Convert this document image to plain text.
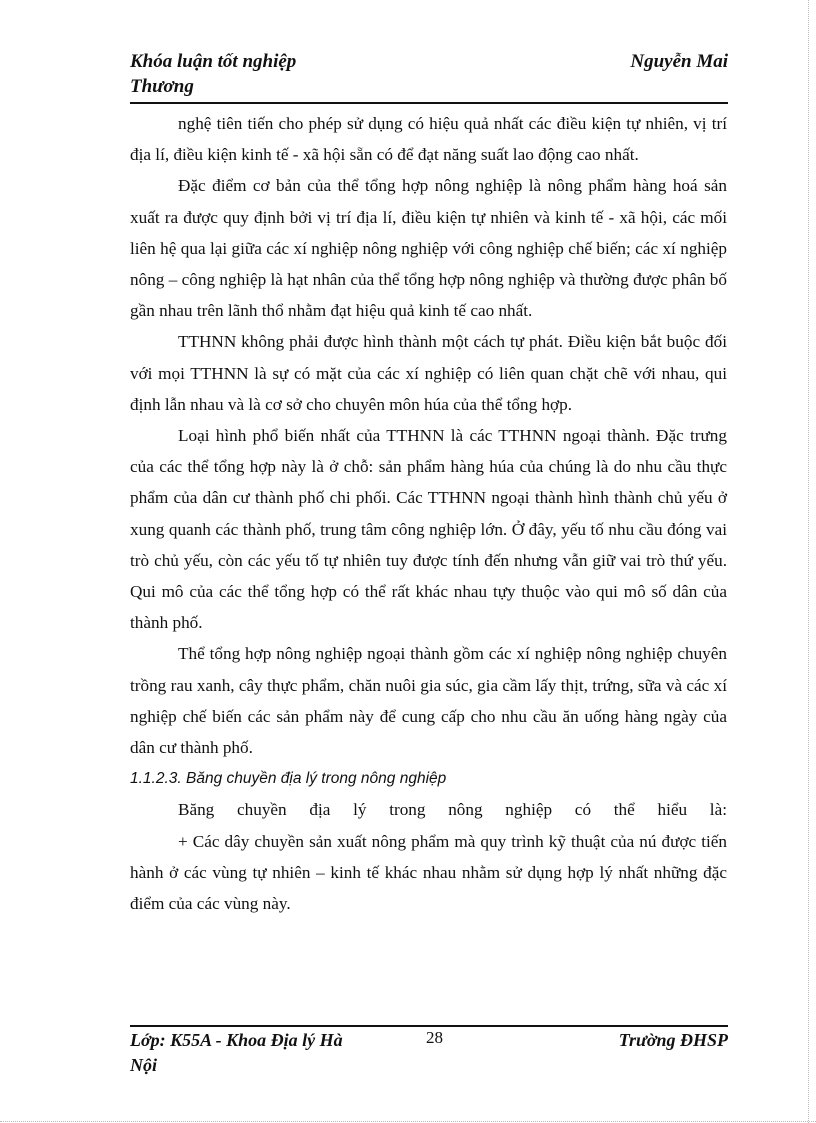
Khóa luận tốt nghiệp Thương
Nguyễn Mai

nghệ tiên tiến cho phép sử dụng có hiệu quả nhất các điều kiện tự nhiên, vị trí địa lí, điều kiện kinh tế - xã hội sẵn có để đạt năng suất lao động cao nhất.

Đặc điểm cơ bản của thể tổng hợp nông nghiệp là nông phẩm hàng hoá sản xuất ra được quy định bởi vị trí địa lí, điều kiện tự nhiên và kinh tế - xã hội, các mối liên hệ qua lại giữa các xí nghiệp nông nghiệp với công nghiệp chế biến; các xí nghiệp nông – công nghiệp là hạt nhân của thể tổng hợp nông nghiệp và thường được phân bố gần nhau trên lãnh thổ nhằm đạt hiệu quả kinh tế cao nhất.

TTHNN không phải được hình thành một cách tự phát. Điều kiện bắt buộc đối với mọi TTHNN là sự có mặt của các xí nghiệp có liên quan chặt chẽ với nhau, qui định lẫn nhau và là cơ sở cho chuyên môn húa của thể tổng hợp.

Loại hình phổ biến nhất của TTHNN là các TTHNN ngoại thành. Đặc trưng của các thể tổng hợp này là ở chỗ: sản phẩm hàng húa của chúng là do nhu cầu thực phẩm của dân cư thành phố chi phối. Các TTHNN ngoại thành hình thành chủ yếu ở xung quanh các thành phố, trung tâm công nghiệp lớn. Ở đây, yếu tố nhu cầu đóng vai trò chủ yếu, còn các yếu tố tự nhiên tuy được tính đến nhưng vẫn giữ vai trò thứ yếu. Qui mô của các thể tổng hợp có thể rất khác nhau tựy thuộc vào qui mô số dân của thành phố.

Thể tổng hợp nông nghiệp ngoại thành gồm các xí nghiệp nông nghiệp chuyên trồng rau xanh, cây thực phẩm, chăn nuôi gia súc, gia cầm lấy thịt, trứng, sữa và các xí nghiệp chế biến các sản phẩm này để cung cấp cho nhu cầu ăn uống hàng ngày của dân cư thành phố.

1.1.2.3. Băng chuyền địa lý trong nông nghiệp

Băng chuyền địa lý trong nông nghiệp có thể hiểu là:

+ Các dây chuyền sản xuất nông phẩm mà quy trình kỹ thuật của nú được tiến hành ở các vùng tự nhiên – kinh tế khác nhau nhằm sử dụng hợp lý nhất những đặc điểm của các vùng này.

Lớp: K55A - Khoa Địa lý Hà Nội
28	Trường ĐHSP
